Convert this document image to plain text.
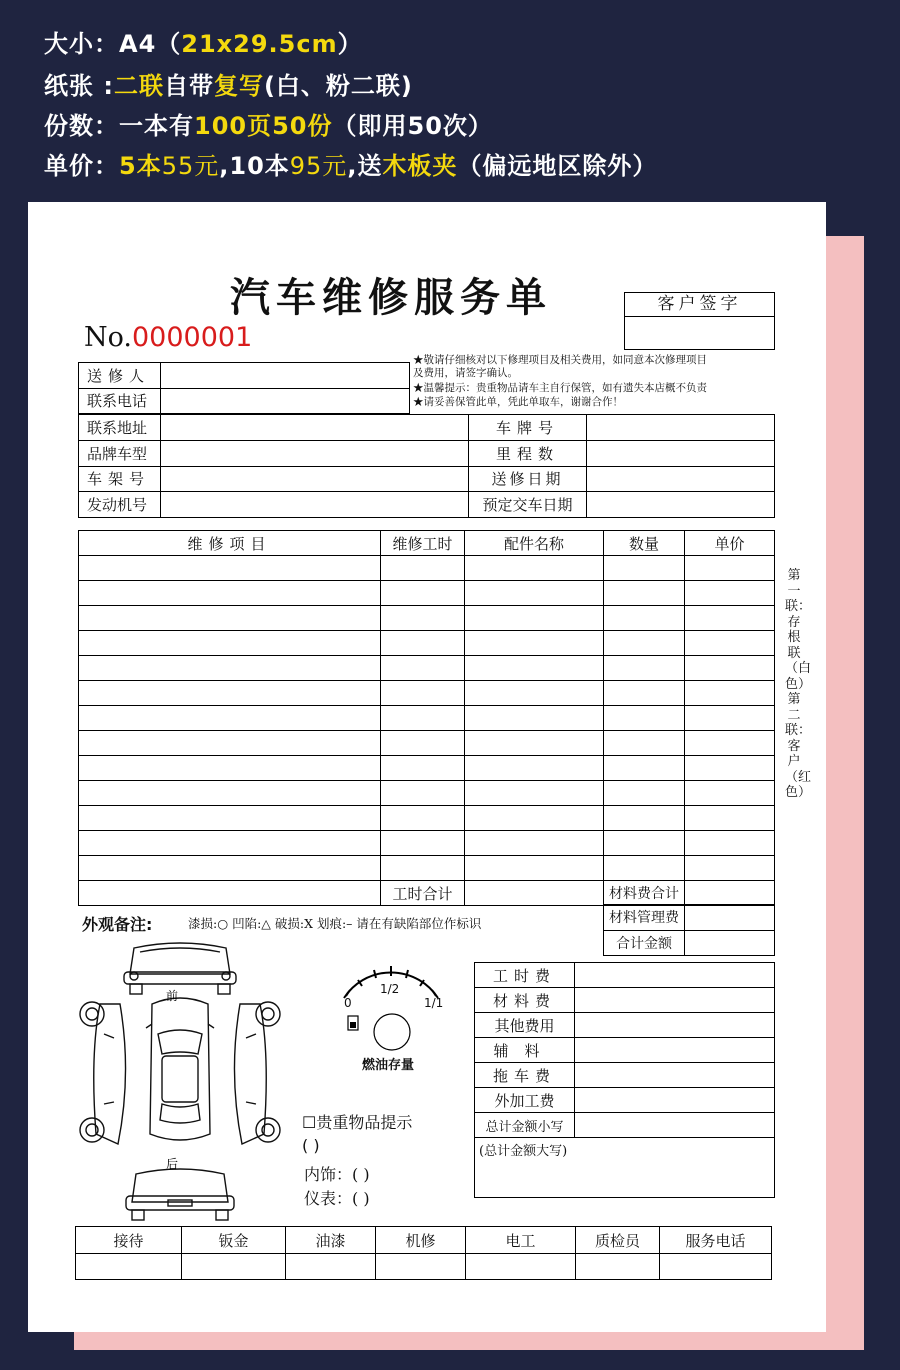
大小：A4（21x29.5cm）
纸张 :二联自带复写(白、粉二联)
份数：一本有100页50份（即用50次）
单价：5本55元,10本95元,送木板夹（偏远地区除外）
汽车维修服务单	客户签字
No.0000001
★敬请仔细核对以下修理项目及相关费用，如同意本次修理项目
及费用，请签字确认。
★温馨提示：贵重物品请车主自行保管，如有遗失本店概不负责
★请妥善保管此单，凭此单取车，谢谢合作！
送修人	
联系电话	
联系地址		车牌号	
品牌车型		里程数	
车架号		送修日期	
发动机号		预定交车日期	
维修项目	维修工时	配件名称	数量	单价

	工时合计		材料费合计	
材料管理费	
合计金额	
第一联：存根联（白色）第二联：客户（红色）
外观备注:	漆损:○ 凹陷:△ 破损:X 划痕:– 请在有缺陷部位作标识
前
后
0
1/2
1/1
燃油存量
☐贵重物品提示
( )
内饰：( )
仪表：( )
工时费	
材料费	
其他费用	
辅料	
拖车费	
外加工费	
总计金额小写	
(总计金额大写)	
接待	钣金	油漆	机修	电工	质检员	服务电话
